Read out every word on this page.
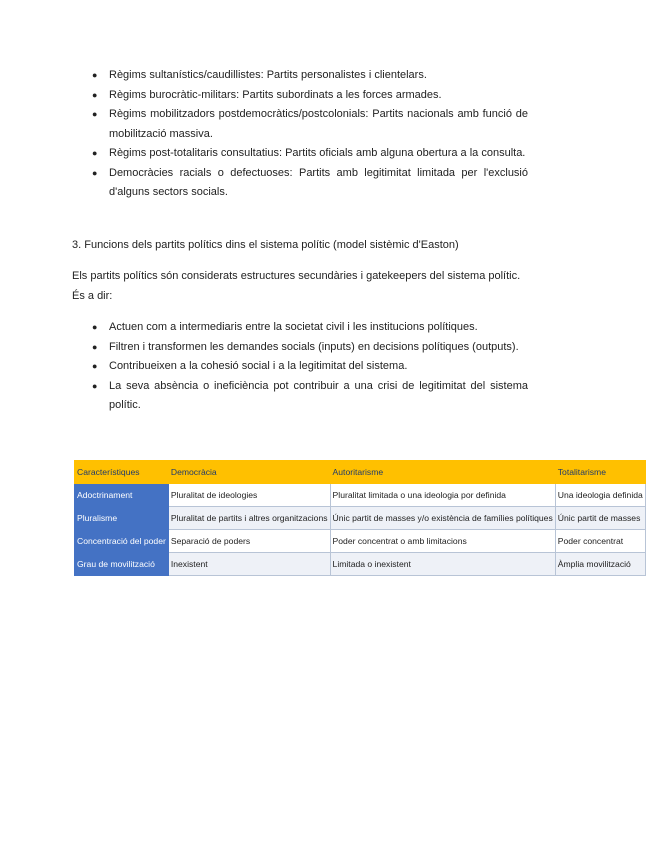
● Règims sultanístics/caudillistes: Partits personalistes i clientelars.
● Règims burocràtic-militars: Partits subordinats a les forces armades.
● Règims mobilitzadors postdemocràtics/postcolonials: Partits nacionals amb funció de mobilització massiva.
● Règims post-totalitaris consultatius: Partits oficials amb alguna obertura a la consulta.
● Democràcies racials o defectuoses: Partits amb legitimitat limitada per l'exclusió d'alguns sectors socials.
3. Funcions dels partits polítics dins el sistema polític (model sistèmic d'Easton)
Els partits polítics són considerats estructures secundàries i gatekeepers del sistema polític. És a dir:
● Actuen com a intermediaris entre la societat civil i les institucions polítiques.
● Filtren i transformen les demandes socials (inputs) en decisions polítiques (outputs).
● Contribueixen a la cohesió social i a la legitimitat del sistema.
● La seva absència o ineficiència pot contribuir a una crisi de legitimitat del sistema polític.
Característiques	Democràcia	Autoritarisme	Totalitarisme
Adoctrinament	Pluralitat de ideologies	Pluralitat limitada o una ideologia por definida	Una ideologia definida
Pluralisme	Pluralitat de partits i altres organitzacions	Únic partit de masses y/o existència de famílies polítiques	Únic partit de masses
Concentració del poder	Separació de poders	Poder concentrat o amb limitacions	Poder concentrat
Grau de movilització	Inexistent	Limitada o inexistent	Àmplia movilització
